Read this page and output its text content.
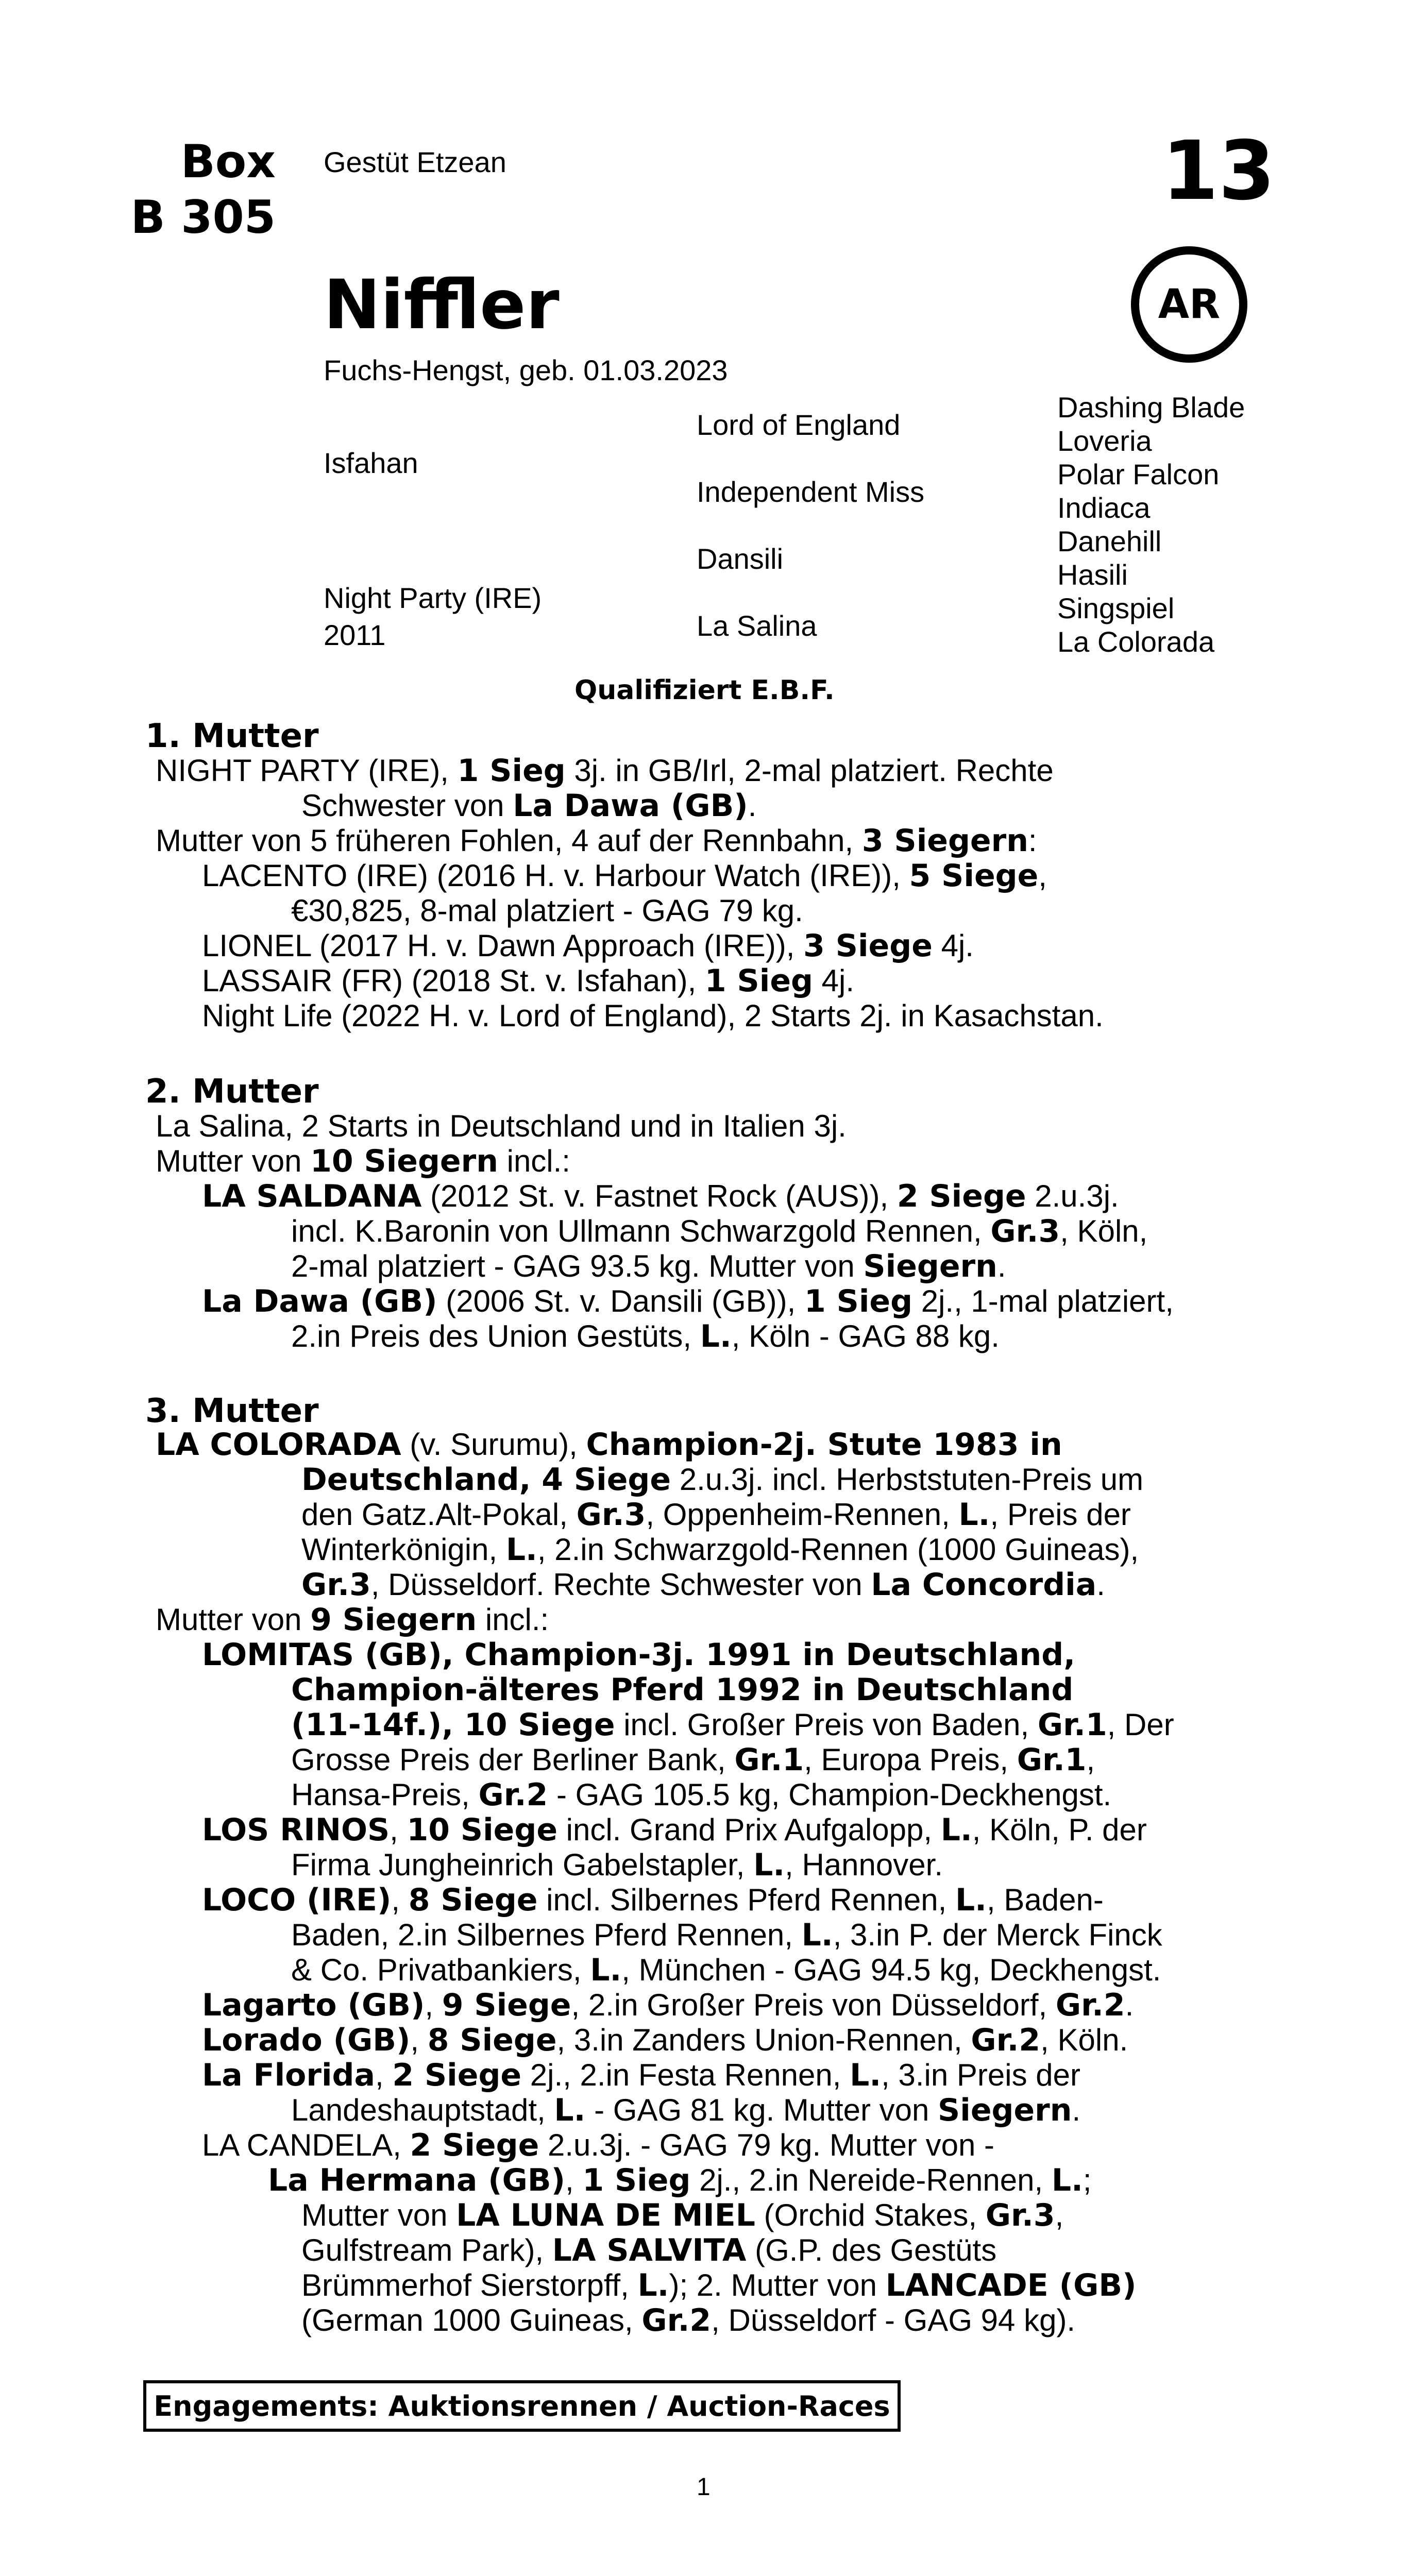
Box
B 305
Gestüt Etzean	13
Niffler	AR
Fuchs-Hengst, geb. 01.03.2023
Isfahan
Night Party (IRE)
2011
Lord of England
Independent Miss
Dansili
La Salina
Dashing Blade
Loveria
Polar Falcon
Indiaca
Danehill
Hasili
Singspiel
La Colorada
Qualifiziert E.B.F.
1. Mutter
NIGHT PARTY (IRE), 1 Sieg 3j. in GB/Irl, 2-mal platziert. Rechte
Schwester von La Dawa (GB).
Mutter von 5 früheren Fohlen, 4 auf der Rennbahn, 3 Siegern:
LACENTO (IRE) (2016 H. v. Harbour Watch (IRE)), 5 Siege,
€30,825, 8-mal platziert - GAG 79 kg.
LIONEL (2017 H. v. Dawn Approach (IRE)), 3 Siege 4j.
LASSAIR (FR) (2018 St. v. Isfahan), 1 Sieg 4j.
Night Life (2022 H. v. Lord of England), 2 Starts 2j. in Kasachstan.
2. Mutter
La Salina, 2 Starts in Deutschland und in Italien 3j.
Mutter von 10 Siegern incl.:
LA SALDANA (2012 St. v. Fastnet Rock (AUS)), 2 Siege 2.u.3j.
incl. K.Baronin von Ullmann Schwarzgold Rennen, Gr.3, Köln,
2-mal platziert - GAG 93.5 kg. Mutter von Siegern.
La Dawa (GB) (2006 St. v. Dansili (GB)), 1 Sieg 2j., 1-mal platziert,
2.in Preis des Union Gestüts, L., Köln - GAG 88 kg.
3. Mutter
LA COLORADA (v. Surumu), Champion-2j. Stute 1983 in
Deutschland, 4 Siege 2.u.3j. incl. Herbststuten-Preis um
den Gatz.Alt-Pokal, Gr.3, Oppenheim-Rennen, L., Preis der
Winterkönigin, L., 2.in Schwarzgold-Rennen (1000 Guineas),
Gr.3, Düsseldorf. Rechte Schwester von La Concordia.
Mutter von 9 Siegern incl.:
LOMITAS (GB), Champion-3j. 1991 in Deutschland,
Champion-älteres Pferd 1992 in Deutschland
(11-14f.), 10 Siege incl. Großer Preis von Baden, Gr.1, Der
Grosse Preis der Berliner Bank, Gr.1, Europa Preis, Gr.1,
Hansa-Preis, Gr.2 - GAG 105.5 kg, Champion-Deckhengst.
LOS RINOS, 10 Siege incl. Grand Prix Aufgalopp, L., Köln, P. der
Firma Jungheinrich Gabelstapler, L., Hannover.
LOCO (IRE), 8 Siege incl. Silbernes Pferd Rennen, L., Baden-
Baden, 2.in Silbernes Pferd Rennen, L., 3.in P. der Merck Finck
& Co. Privatbankiers, L., München - GAG 94.5 kg, Deckhengst.
Lagarto (GB), 9 Siege, 2.in Großer Preis von Düsseldorf, Gr.2.
Lorado (GB), 8 Siege, 3.in Zanders Union-Rennen, Gr.2, Köln.
La Florida, 2 Siege 2j., 2.in Festa Rennen, L., 3.in Preis der
Landeshauptstadt, L. - GAG 81 kg. Mutter von Siegern.
LA CANDELA, 2 Siege 2.u.3j. - GAG 79 kg. Mutter von -
La Hermana (GB), 1 Sieg 2j., 2.in Nereide-Rennen, L.;
Mutter von LA LUNA DE MIEL (Orchid Stakes, Gr.3,
Gulfstream Park), LA SALVITA (G.P. des Gestüts
Brümmerhof Sierstorpff, L.); 2. Mutter von LANCADE (GB)
(German 1000 Guineas, Gr.2, Düsseldorf - GAG 94 kg).
Engagements: Auktionsrennen / Auction-Races
1
